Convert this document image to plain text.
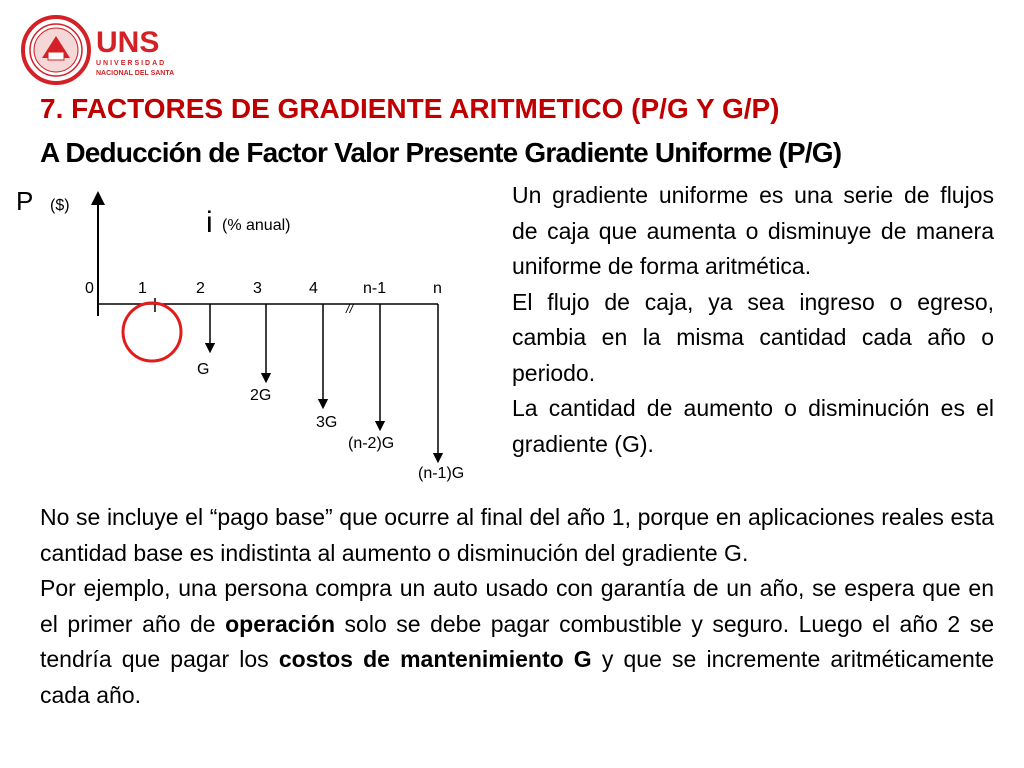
UNS
UNIVERSIDAD
NACIONAL DEL SANTA
7. FACTORES DE GRADIENTE ARITMETICO (P/G Y G/P)
A Deducción de Factor Valor Presente Gradiente Uniforme (P/G)
P ($)
i (% anual)
//
0	1	2	3	4	n-1	n
G
2G
3G
(n-2)G
(n-1)G

Un gradiente uniforme es una serie de flujos de caja que aumenta o disminuye de manera uniforme de forma aritmética.

El flujo de caja, ya sea ingreso o egreso, cambia en la misma cantidad cada año o periodo.

La cantidad de aumento o disminución es el gradiente (G).

No se incluye el “pago base” que ocurre al final del año 1, porque en aplicaciones reales esta cantidad base es indistinta al aumento o disminución del gradiente G.

Por ejemplo, una persona compra un auto usado con garantía de un año, se espera que en el primer año de operación solo se debe pagar combustible y seguro. Luego el año 2 se tendría que pagar los costos de mantenimiento G y que se incremente aritméticamente cada año.
